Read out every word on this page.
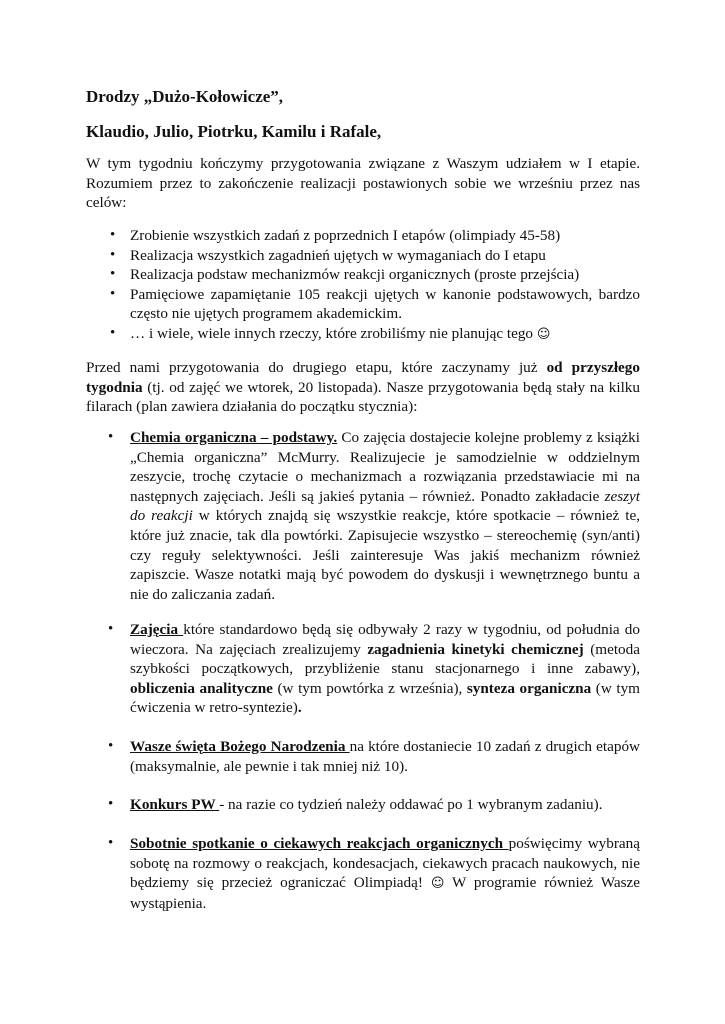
Drodzy „Dużo-Kołowicze”,

Klaudio, Julio, Piotrku, Kamilu i Rafale,

W tym tygodniu kończymy przygotowania związane z Waszym udziałem w I etapie. Rozumiem przez to zakończenie realizacji postawionych sobie we wrześniu przez nas celów:

• Zrobienie wszystkich zadań z poprzednich I etapów (olimpiady 45-58)
• Realizacja wszystkich zagadnień ujętych w wymaganiach do I etapu
• Realizacja podstaw mechanizmów reakcji organicznych (proste przejścia)
• Pamięciowe zapamiętanie 105 reakcji ujętych w kanonie podstawowych, bardzo często nie ujętych programem akademickim.
• … i wiele, wiele innych rzeczy, które zrobiliśmy nie planując tego ☺

Przed nami przygotowania do drugiego etapu, które zaczynamy już od przyszłego tygodnia (tj. od zajęć we wtorek, 20 listopada). Nasze przygotowania będą stały na kilku filarach (plan zawiera działania do początku stycznia):

• Chemia organiczna – podstawy. Co zajęcia dostajecie kolejne problemy z książki „Chemia organiczna” McMurry. Realizujecie je samodzielnie w oddzielnym zeszycie, trochę czytacie o mechanizmach a rozwiązania przedstawiacie mi na następnych zajęciach. Jeśli są jakieś pytania – również. Ponadto zakładacie zeszyt do reakcji w których znajdą się wszystkie reakcje, które spotkacie – również te, które już znacie, tak dla powtórki. Zapisujecie wszystko – stereochemię (syn/anti) czy reguły selektywności. Jeśli zainteresuje Was jakiś mechanizm również zapiszcie. Wasze notatki mają być powodem do dyskusji i wewnętrznego buntu a nie do zaliczania zadań.

• Zajęcia które standardowo będą się odbywały 2 razy w tygodniu, od południa do wieczora. Na zajęciach zrealizujemy zagadnienia kinetyki chemicznej (metoda szybkości początkowych, przybliżenie stanu stacjonarnego i inne zabawy), obliczenia analityczne (w tym powtórka z września), synteza organiczna (w tym ćwiczenia w retro-syntezie).

• Wasze święta Bożego Narodzenia na które dostaniecie 10 zadań z drugich etapów (maksymalnie, ale pewnie i tak mniej niż 10).

• Konkurs PW - na razie co tydzień należy oddawać po 1 wybranym zadaniu).

• Sobotnie spotkanie o ciekawych reakcjach organicznych poświęcimy wybraną sobotę na rozmowy o reakcjach, kondesacjach, ciekawych pracach naukowych, nie będziemy się przecież ograniczać Olimpiadą! ☺ W programie również Wasze wystąpienia.
